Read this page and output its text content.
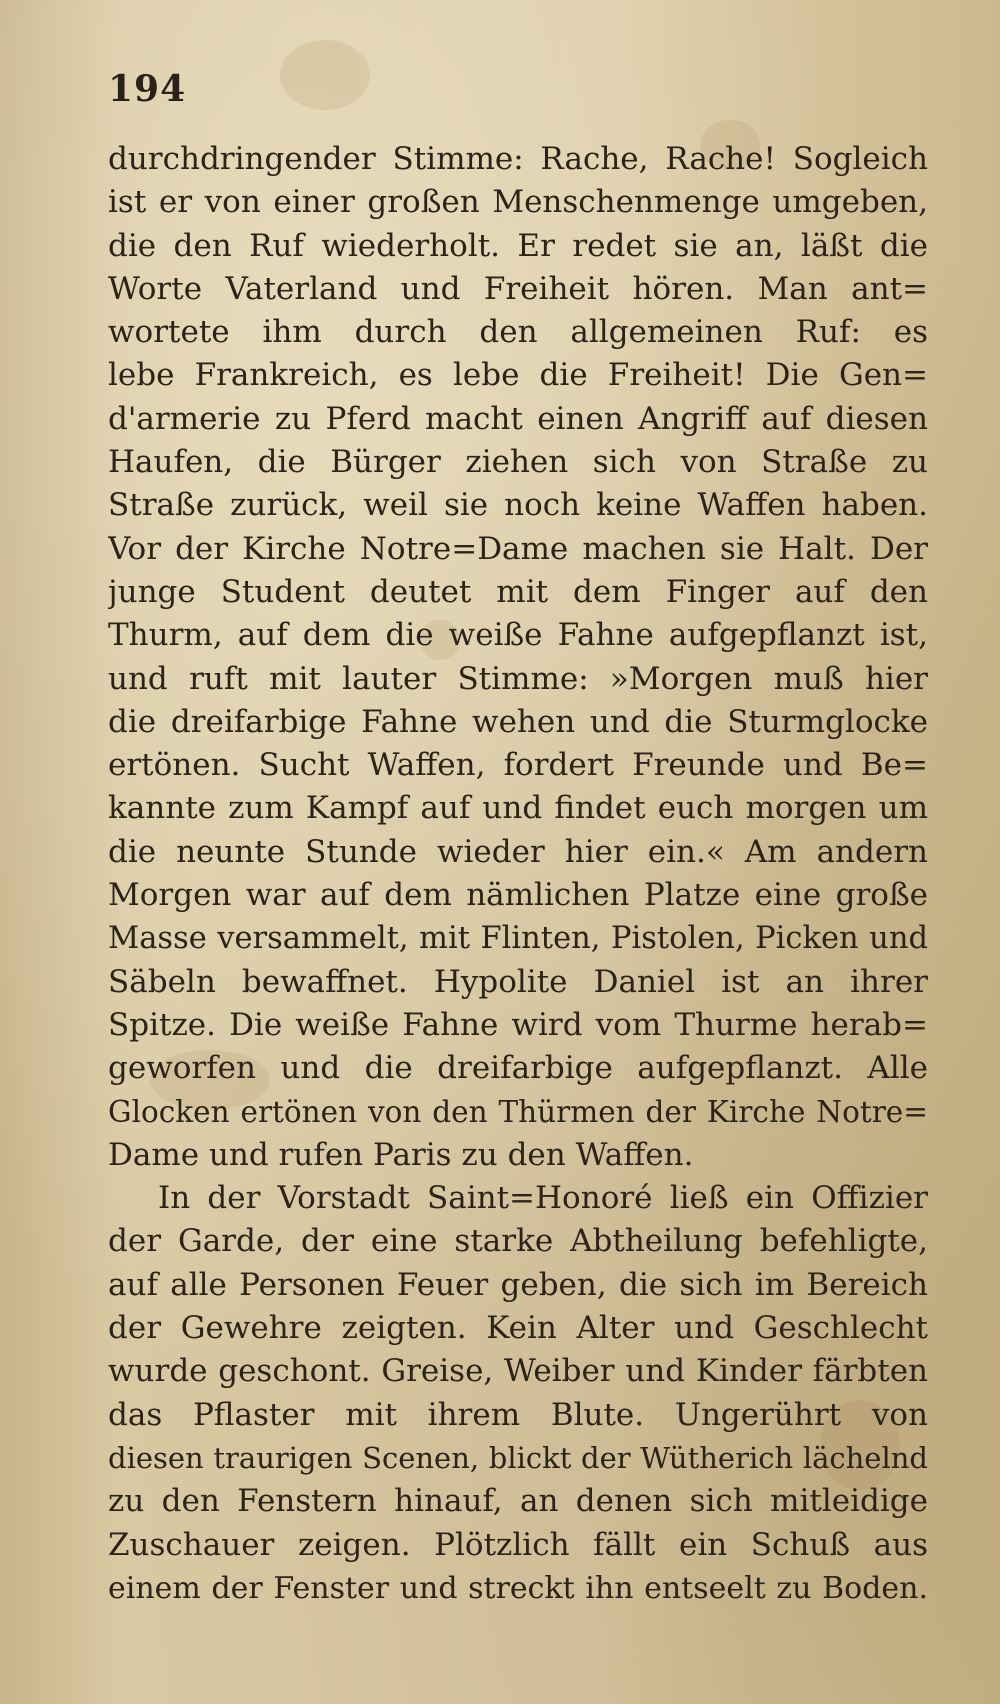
194
durchdringender Stimme: Rache, Rache! Sogleich
ist er von einer großen Menschenmenge umgeben,
die den Ruf wiederholt. Er redet sie an, läßt die
Worte Vaterland und Freiheit hören. Man ant=
wortete ihm durch den allgemeinen Ruf: es
lebe Frankreich, es lebe die Freiheit! Die Gen=
d'armerie zu Pferd macht einen Angriff auf diesen
Haufen, die Bürger ziehen sich von Straße zu
Straße zurück, weil sie noch keine Waffen haben.
Vor der Kirche Notre=Dame machen sie Halt. Der
junge Student deutet mit dem Finger auf den
Thurm, auf dem die weiße Fahne aufgepflanzt ist,
und ruft mit lauter Stimme: »Morgen muß hier
die dreifarbige Fahne wehen und die Sturmglocke
ertönen. Sucht Waffen, fordert Freunde und Be=
kannte zum Kampf auf und findet euch morgen um
die neunte Stunde wieder hier ein.« Am andern
Morgen war auf dem nämlichen Platze eine große
Masse versammelt, mit Flinten, Pistolen, Picken und
Säbeln bewaffnet. Hypolite Daniel ist an ihrer
Spitze. Die weiße Fahne wird vom Thurme herab=
geworfen und die dreifarbige aufgepflanzt. Alle
Glocken ertönen von den Thürmen der Kirche Notre=
Dame und rufen Paris zu den Waffen.
In der Vorstadt Saint=Honoré ließ ein Offizier
der Garde, der eine starke Abtheilung befehligte,
auf alle Personen Feuer geben, die sich im Bereich
der Gewehre zeigten. Kein Alter und Geschlecht
wurde geschont. Greise, Weiber und Kinder färbten
das Pflaster mit ihrem Blute. Ungerührt von
diesen traurigen Scenen, blickt der Wütherich lächelnd
zu den Fenstern hinauf, an denen sich mitleidige
Zuschauer zeigen. Plötzlich fällt ein Schuß aus
einem der Fenster und streckt ihn entseelt zu Boden.
